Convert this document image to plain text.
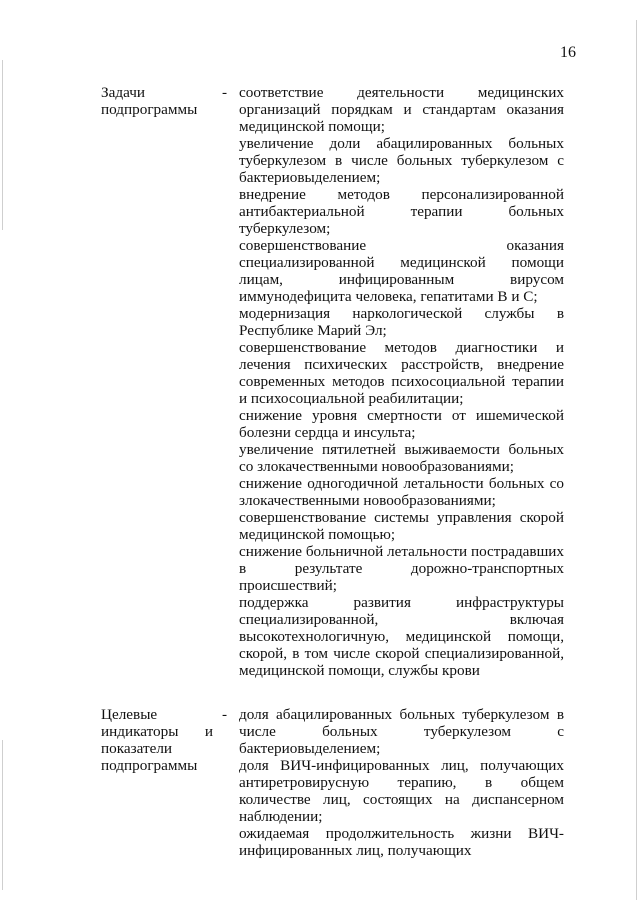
16
Задачи
подпрограммы
- соответствие деятельности медицинских организаций порядкам и стандартам оказания медицинской помощи;
увеличение доли абацилированных больных туберкулезом в числе больных туберкулезом с бактериовыделением;
внедрение методов персонализированной антибактериальной терапии больных туберкулезом;
совершенствование оказания специализированной медицинской помощи лицам, инфицированным вирусом иммунодефицита человека, гепатитами В и С;
модернизация наркологической службы в Республике Марий Эл;
совершенствование методов диагностики и лечения психических расстройств, внедрение современных методов психосоциальной терапии и психосоциальной реабилитации;
снижение уровня смертности от ишемической болезни сердца и инсульта;
увеличение пятилетней выживаемости больных со злокачественными новообразованиями;
снижение одногодичной летальности больных со злокачественными новообразованиями;
совершенствование системы управления скорой медицинской помощью;
снижение больничной летальности пострадавших в результате дорожно-транспортных происшествий;
поддержка развития инфраструктуры специализированной, включая высокотехнологичную, медицинской помощи, скорой, в том числе скорой специализированной, медицинской помощи, службы крови
Целевые
индикаторы и
показатели
подпрограммы
- доля абацилированных больных туберкулезом в числе больных туберкулезом с бактериовыделением;
доля ВИЧ-инфицированных лиц, получающих антиретровирусную терапию, в общем количестве лиц, состоящих на диспансерном наблюдении;
ожидаемая продолжительность жизни ВИЧ-инфицированных лиц, получающих
